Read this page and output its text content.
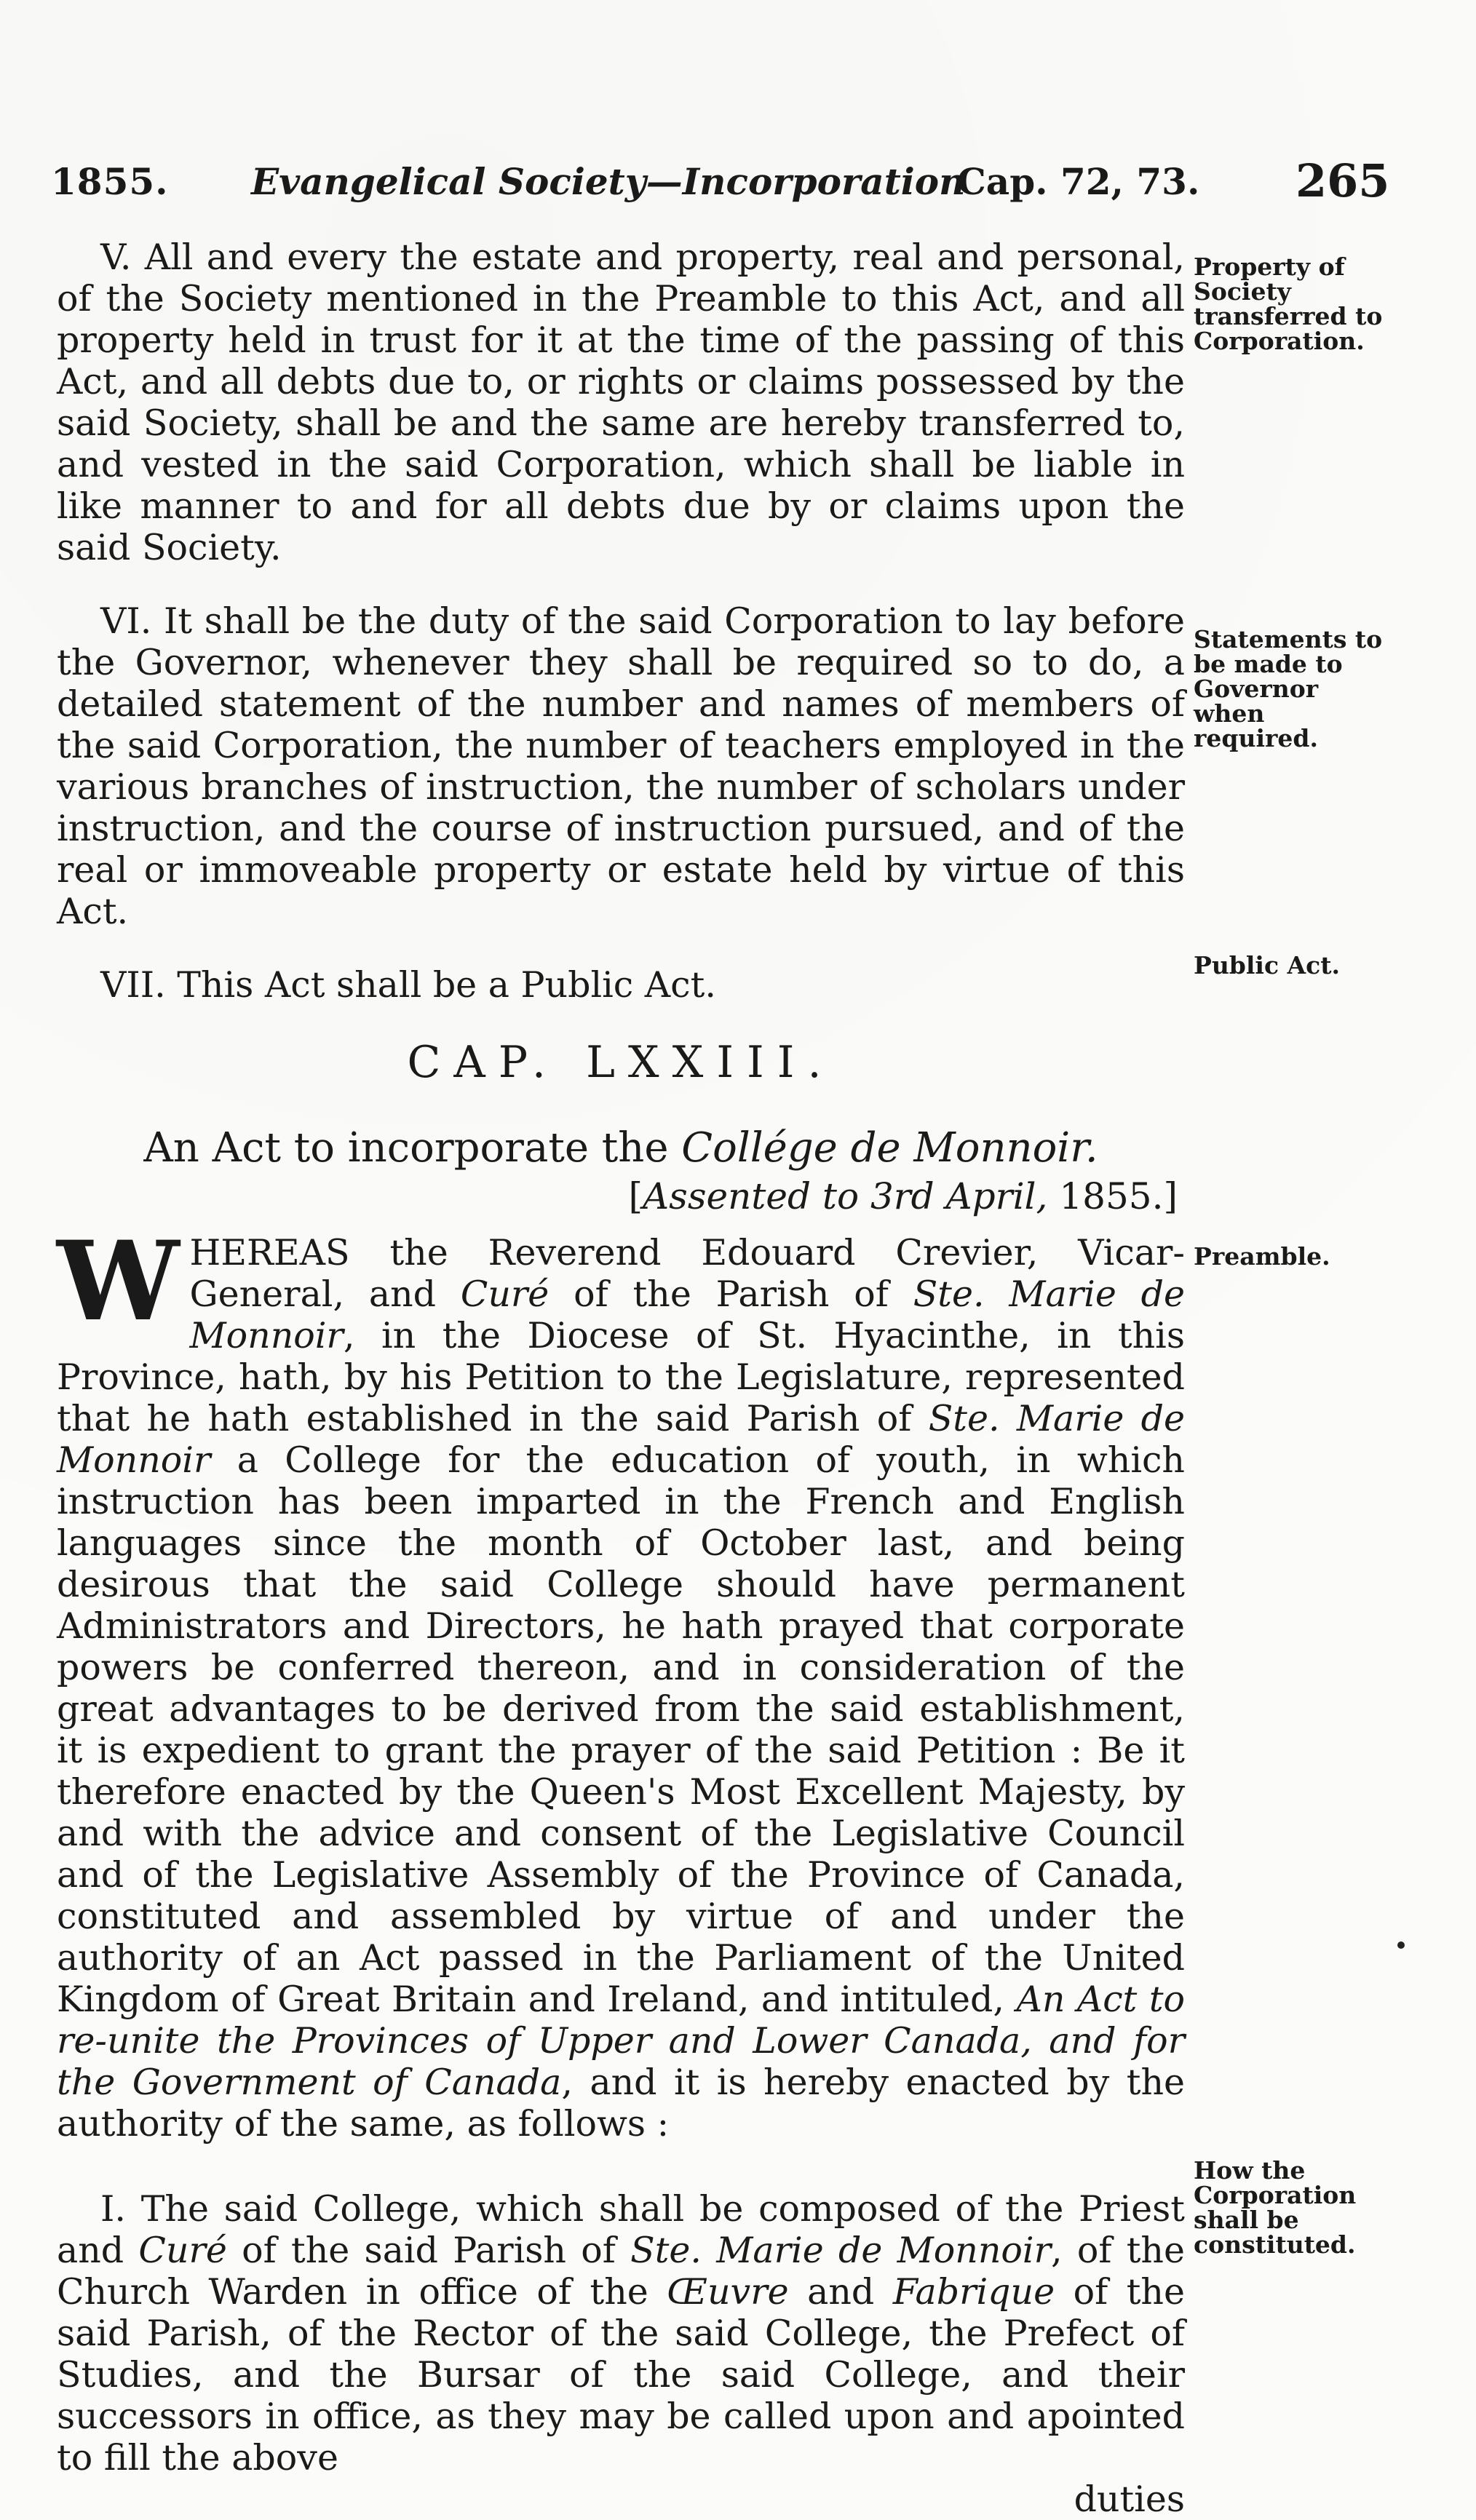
1855. Evangelical Society—Incorporation
Cap. 72, 73. 265

V. All and every the estate and property, real and personal, of the Society mentioned in the Preamble to this Act, and all property held in trust for it at the time of the passing of this Act, and all debts due to, or rights or claims possessed by the said Society, shall be and the same are hereby transferred to, and vested in the said Corporation, which shall be liable in like manner to and for all debts due by or claims upon the said Society.

VI. It shall be the duty of the said Corporation to lay before the Governor, whenever they shall be required so to do, a detailed statement of the number and names of members of the said Corporation, the number of teachers employed in the various branches of instruction, the number of scholars under instruction, and the course of instruction pursued, and of the real or immoveable property or estate held by virtue of this Act.

VII. This Act shall be a Public Act.

CAP. LXXIII.

An Act to incorporate the Collége de Monnoir.

[Assented to 3rd April, 1855.]

WHEREAS the Reverend Edouard Crevier, Vicar-General, and Curé of the Parish of Ste. Marie de Monnoir, in the Diocese of St. Hyacinthe, in this Province, hath, by his Petition to the Legislature, represented that he hath established in the said Parish of Ste. Marie de Monnoir a College for the education of youth, in which instruction has been imparted in the French and English languages since the month of October last, and being desirous that the said College should have permanent Administrators and Directors, he hath prayed that corporate powers be conferred thereon, and in consideration of the great advantages to be derived from the said establishment, it is expedient to grant the prayer of the said Petition : Be it therefore enacted by the Queen's Most Excellent Majesty, by and with the advice and consent of the Legislative Council and of the Legislative Assembly of the Province of Canada, constituted and assembled by virtue of and under the authority of an Act passed in the Parliament of the United Kingdom of Great Britain and Ireland, and intituled, An Act to re-unite the Provinces of Upper and Lower Canada, and for the Government of Canada, and it is hereby enacted by the authority of the same, as follows :

I. The said College, which shall be composed of the Priest and Curé of the said Parish of Ste. Marie de Monnoir, of the Church Warden in office of the Œuvre and Fabrique of the said Parish, of the Rector of the said College, the Prefect of Studies, and the Bursar of the said College, and their successors in office, as they may be called upon and apointed to fill the above

duties

Property of Society transferred to Corporation.
Statements to be made to Governor when required.
Public Act.
Preamble.
How the Corporation shall be constituted.
